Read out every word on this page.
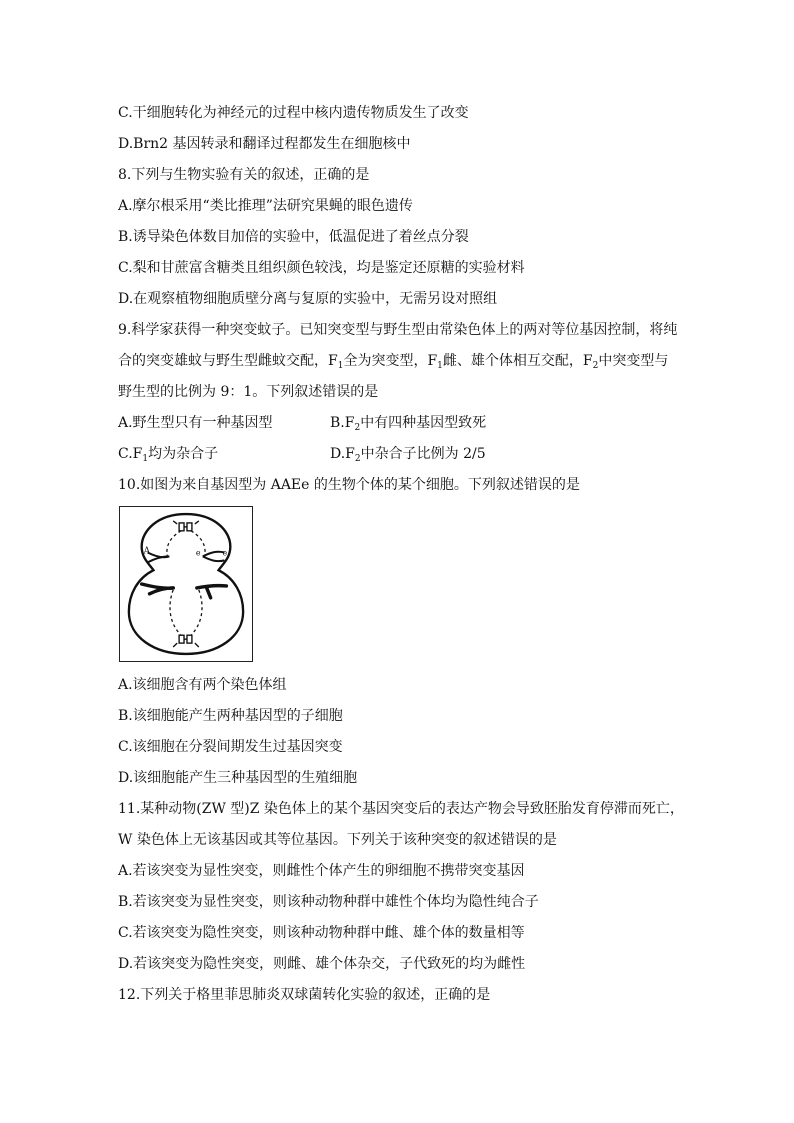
C.干细胞转化为神经元的过程中核内遗传物质发生了改变
D.Brn2 基因转录和翻译过程都发生在细胞核中
8.下列与生物实验有关的叙述，正确的是
A.摩尔根采用“类比推理”法研究果蝇的眼色遗传
B.诱导染色体数目加倍的实验中，低温促进了着丝点分裂
C.梨和甘蔗富含糖类且组织颜色较浅，均是鉴定还原糖的实验材料
D.在观察植物细胞质壁分离与复原的实验中，无需另设对照组
9.科学家获得一种突变蚊子。已知突变型与野生型由常染色体上的两对等位基因控制，将纯
合的突变雄蚊与野生型雌蚊交配，$F_1$全为突变型，$F_1$雌、雄个体相互交配，$F_2$中突变型与
野生型的比例为 9：1。下列叙述错误的是
A.野生型只有一种基因型	$B.F_2$中有四种基因型致死
$C.F_1$均为杂合子	$D.F_2$中杂合子比例为 2/5
10.如图为来自基因型为 AAEe 的生物个体的某个细胞。下列叙述错误的是
A	e	e
A.该细胞含有两个染色体组
B.该细胞能产生两种基因型的子细胞
C.该细胞在分裂间期发生过基因突变
D.该细胞能产生三种基因型的生殖细胞
11.某种动物(ZW 型)Z 染色体上的某个基因突变后的表达产物会导致胚胎发育停滞而死亡，
W 染色体上无该基因或其等位基因。下列关于该种突变的叙述错误的是
A.若该突变为显性突变，则雌性个体产生的卵细胞不携带突变基因
B.若该突变为显性突变，则该种动物种群中雄性个体均为隐性纯合子
C.若该突变为隐性突变，则该种动物种群中雌、雄个体的数量相等
D.若该突变为隐性突变，则雌、雄个体杂交，子代致死的均为雌性
12.下列关于格里菲思肺炎双球菌转化实验的叙述，正确的是
